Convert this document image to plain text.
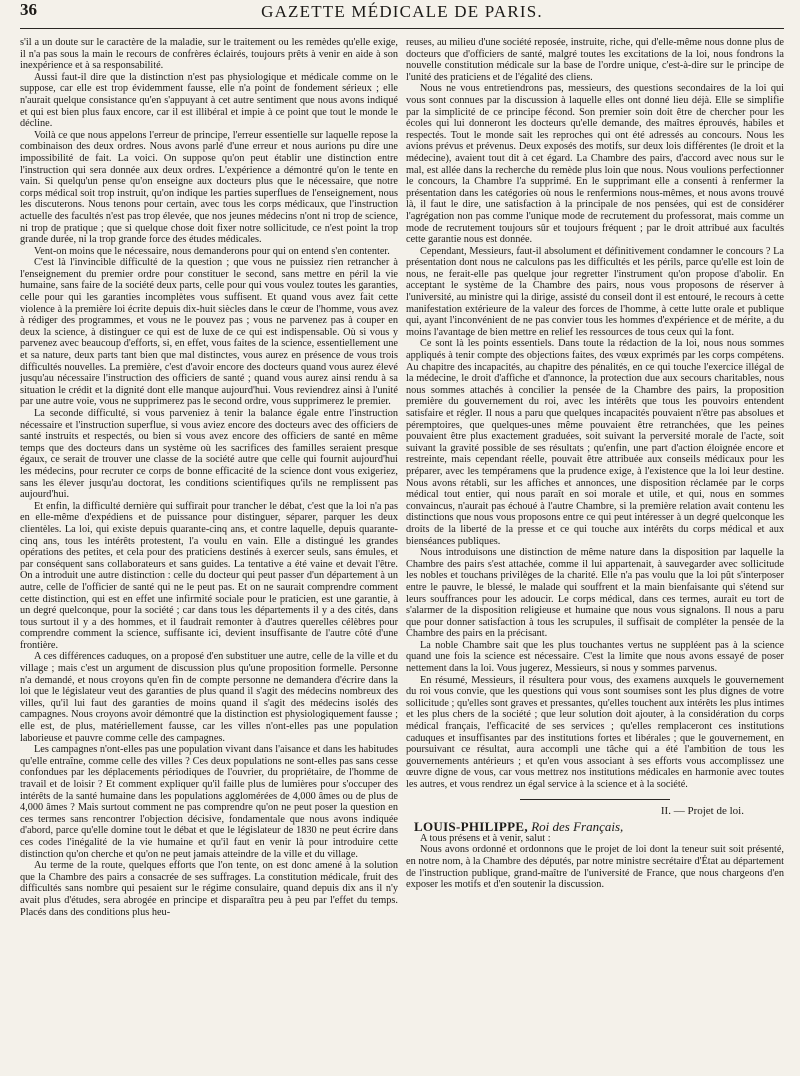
36	GAZETTE MÉDICALE DE PARIS.

s'il a un doute sur le caractère de la maladie, sur le traitement ou les remèdes qu'elle exige, il n'a pas sous la main le recours de confrères éclairés, toujours prêts à venir en aide à son inexpérience et à sa responsabilité.

Aussi faut-il dire que la distinction n'est pas physiologique et médicale comme on le suppose, car elle est trop évidemment fausse, elle n'a point de fondement sérieux ; elle n'aurait quelque consistance qu'en s'appuyant à cet autre sentiment que nous avons indiqué et qui est bien plus faux encore, car il est illibéral et impie à ce point que tout le monde le décline.

Voilà ce que nous appelons l'erreur de principe, l'erreur essentielle sur laquelle repose la combinaison des deux ordres. Nous avons parlé d'une erreur et nous aurions pu dire une impossibilité de fait. La voici. On suppose qu'on peut établir une distinction entre l'instruction qui sera donnée aux deux ordres. L'expérience a démontré qu'on le tente en vain. Si quelqu'un pense qu'on enseigne aux docteurs plus que le nécessaire, que notre corps médical soit trop instruit, qu'on indique les parties superflues de l'enseignement, nous les discuterons. Nous tenons pour certain, avec tous les corps médicaux, que l'instruction actuelle des facultés n'est pas trop élevée, que nos jeunes médecins n'ont ni trop de science, ni trop de pratique ; que si quelque chose doit fixer notre sollicitude, ce n'est point la trop grande durée, ni la trop grande force des études médicales.

Vent-on moins que le nécessaire, nous demanderons pour qui on entend s'en contenter.

C'est là l'invincible difficulté de la question ; que vous ne puissiez rien retrancher à l'enseignement du premier ordre pour constituer le second, sans mettre en péril la vie humaine, sans faire de la société deux parts, celle pour qui vous voulez toutes les garanties, celle pour qui les garanties incomplètes vous suffisent. Et quand vous avez fait cette violence à la première loi écrite depuis dix-huit siècles dans le cœur de l'homme, vous avez à rédiger des programmes, et vous ne le pouvez pas ; vous ne parvenez pas à couper en deux la science, à distinguer ce qui est de luxe de ce qui est indispensable. Où si vous y parvenez avec beaucoup d'efforts, si, en effet, vous faites de la science, essentiellement une et sa nature, deux parts tant bien que mal distinctes, vous aurez en présence de vous trois difficultés nouvelles. La première, c'est d'avoir encore des docteurs quand vous aurez élevé jusqu'au nécessaire l'instruction des officiers de santé ; quand vous aurez ainsi rendu à sa situation le crédit et la dignité dont elle manque aujourd'hui. Vous reviendrez ainsi à l'unité par une autre voie, vous ne supprimerez pas le second ordre, vous supprimerez le premier.

La seconde difficulté, si vous parveniez à tenir la balance égale entre l'instruction nécessaire et l'instruction superflue, si vous aviez encore des docteurs avec des officiers de santé instruits et respectés, ou bien si vous avez encore des officiers de santé en même temps que des docteurs dans un système où les sacrifices des familles seraient presque égaux, ce serait de trouver une classe de la société autre que celle qui fournit aujourd'hui les médecins, pour recruter ce corps de bonne efficacité de la science dont vous exigeriez, sans les élever jusqu'au doctorat, les conditions scientifiques qu'ils ne remplissent pas aujourd'hui.

Et enfin, la difficulté dernière qui suffirait pour trancher le débat, c'est que la loi n'a pas en elle-même d'expédiens et de puissance pour distinguer, séparer, parquer les deux clientèles. La loi, qui existe depuis quarante-cinq ans, et contre laquelle, depuis quarante-cinq ans, tous les intérêts protestent, l'a voulu en vain. Elle a distingué les grandes opérations des petites, et cela pour des praticiens destinés à exercer seuls, sans émules, et par conséquent sans collaborateurs et sans guides. La tentative a été vaine et devait l'être. On a introduit une autre distinction : celle du docteur qui peut passer d'un département à un autre, celle de l'officier de santé qui ne le peut pas. Et on ne saurait comprendre comment cette distinction, qui est en effet une infirmité sociale pour le praticien, est une garantie, à un degré quelconque, pour la société ; car dans tous les départements il y a des cités, dans tous surtout il y a des hommes, et il faudrait remonter à d'autres querelles célèbres pour comprendre comment la science, suffisante ici, devient insuffisante de l'autre côté d'une frontière.

A ces différences caduques, on a proposé d'en substituer une autre, celle de la ville et du village ; mais c'est un argument de discussion plus qu'une proposition formelle. Personne n'a demandé, et nous croyons qu'en fin de compte personne ne demandera d'écrire dans la loi que le législateur veut des garanties de plus quand il s'agit des médecins nombreux des villes, qu'il lui faut des garanties de moins quand il s'agit des médecins isolés des campagnes. Nous croyons avoir démontré que la distinction est physiologiquement fausse ; elle est, de plus, matériellement fausse, car les villes n'ont-elles pas une population laborieuse et pauvre comme celle des campagnes.

Les campagnes n'ont-elles pas une population vivant dans l'aisance et dans les habitudes qu'elle entraîne, comme celle des villes ? Ces deux populations ne sont-elles pas sans cesse confondues par les déplacements périodiques de l'ouvrier, du propriétaire, de l'homme de travail et de loisir ? Et comment expliquer qu'il faille plus de lumières pour s'occuper des intérêts de la santé humaine dans les populations agglomérées de 4,000 âmes ou de plus de 4,000 âmes ? Mais surtout comment ne pas comprendre qu'on ne peut poser la question en ces termes sans rencontrer l'objection décisive, fondamentale que nous avons indiquée d'abord, parce qu'elle domine tout le débat et que le législateur de 1830 ne peut écrire dans ces codes l'inégalité de la vie humaine et qu'il faut en venir là pour introduire cette distinction qu'on cherche et qu'on ne peut jamais atteindre de la ville et du village.

Au terme de la route, quelques efforts que l'on tente, on est donc amené à la solution que la Chambre des pairs a consacrée de ses suffrages. La constitution médicale, fruit des difficultés sans nombre qui pesaient sur le régime consulaire, quand depuis dix ans il n'y avait plus d'études, sera abrogée en principe et disparaîtra peu à peu par l'effet du temps. Placés dans des conditions plus heu-

reuses, au milieu d'une société reposée, instruite, riche, qui d'elle-même nous donne plus de docteurs que d'officiers de santé, malgré toutes les excitations de la loi, nous fondrons la nouvelle constitution médicale sur la base de l'ordre unique, c'est-à-dire sur le principe de l'unité des praticiens et de l'égalité des cliens.

Nous ne vous entretiendrons pas, messieurs, des questions secondaires de la loi qui vous sont connues par la discussion à laquelle elles ont donné lieu déjà. Elle se simplifie par la simplicité de ce principe fécond. Son premier soin doit être de chercher pour les écoles qui lui donneront les docteurs qu'elle demande, des maîtres éprouvés, habiles et respectés. Tout le monde sait les reproches qui ont été adressés au concours. Nous les avions prévus et prévenus. Deux exposés des motifs, sur deux lois différentes (le droit et la médecine), avaient tout dit à cet égard. La Chambre des pairs, d'accord avec nous sur le mal, est allée dans la recherche du remède plus loin que nous. Nous voulions perfectionner le concours, la Chambre l'a supprimé. En le supprimant elle a consenti à renfermer la présentation dans les catégories où nous le renfermions nous-mêmes, et nous avons trouvé là, il faut le dire, une satisfaction à la principale de nos pensées, qui est de considérer l'agrégation non pas comme l'unique mode de recrutement du professorat, mais comme un mode de recrutement toujours sûr et toujours fréquent ; par le droit attribué aux facultés cette garantie nous est donnée.

Cependant, Messieurs, faut-il absolument et définitivement condamner le concours ? La présentation dont nous ne calculons pas les difficultés et les périls, parce qu'elle est loin de nous, ne ferait-elle pas quelque jour regretter l'instrument qu'on propose d'abolir. En acceptant le système de la Chambre des pairs, nous vous proposons de réserver à l'université, au ministre qui la dirige, assisté du conseil dont il est entouré, le recours à cette manifestation extérieure de la valeur des forces de l'homme, à cette lutte orale et publique qui, ayant l'inconvénient de ne pas convier tous les hommes d'expérience et de mérite, a du moins l'avantage de bien mettre en relief les ressources de tous ceux qui la font.

Ce sont là les points essentiels. Dans toute la rédaction de la loi, nous nous sommes appliqués à tenir compte des objections faites, des vœux exprimés par les corps compétens. Au chapitre des incapacités, au chapitre des pénalités, en ce qui touche l'exercice illégal de la médecine, le droit d'affiche et d'annonce, la protection due aux secours charitables, nous nous sommes attachés à concilier la pensée de la Chambre des pairs, la proposition première du gouvernement du roi, avec les intérêts que tous les pouvoirs entendent satisfaire et régler. Il nous a paru que quelques incapacités pouvaient n'être pas absolues et péremptoires, que quelques-unes même pouvaient être retranchées, que les peines pouvaient être plus exactement graduées, soit suivant la perversité morale de l'acte, soit suivant la gravité possible de ses résultats ; qu'enfin, une part d'action éloignée encore et restreinte, mais cependant réelle, pouvait être attribuée aux conseils médicaux pour les préparer, avec les tempéramens que la prudence exige, à l'existence que la loi leur destine. Nous avons rétabli, sur les affiches et annonces, une disposition réclamée par le corps médical tout entier, qui nous paraît en soi morale et utile, et qui, nous en sommes convaincus, n'aurait pas échoué à l'autre Chambre, si la première relation avait contenu les distinctions que nous vous proposons entre ce qui peut intéresser à un degré quelconque les droits de la liberté de la presse et ce qui touche aux intérêts du corps médical et aux bienséances publiques.

Nous introduisons une distinction de même nature dans la disposition par laquelle la Chambre des pairs s'est attachée, comme il lui appartenait, à sauvegarder avec sollicitude les nobles et touchans privilèges de la charité. Elle n'a pas voulu que la loi pût s'interposer entre le pauvre, le blessé, le malade qui souffrent et la main bienfaisante qui s'étend sur leurs souffrances pour les adoucir. Le corps médical, dans ces termes, aurait eu tort de s'alarmer de la disposition religieuse et humaine que nous vous signalons. Il nous a paru que pour donner satisfaction à tous les scrupules, il suffisait de compléter la pensée de la Chambre des pairs en la précisant.

La noble Chambre sait que les plus touchantes vertus ne suppléent pas à la science quand une fois la science est nécessaire. C'est la limite que nous avons essayé de poser nettement dans la loi. Vous jugerez, Messieurs, si nous y sommes parvenus.

En résumé, Messieurs, il résultera pour vous, des examens auxquels le gouvernement du roi vous convie, que les questions qui vous sont soumises sont les plus dignes de votre sollicitude ; qu'elles sont graves et pressantes, qu'elles touchent aux intérêts les plus intimes et les plus chers de la société ; que leur solution doit ajouter, à la considération du corps médical français, l'efficacité de ses services ; qu'elles remplaceront ces institutions caduques et insuffisantes par des institutions fortes et libérales ; que le gouvernement, en poursuivant ce résultat, aura accompli une tâche qui a été l'ambition de tous les gouvernements antérieurs ; et qu'en vous associant à ses efforts vous accomplissez une œuvre digne de vous, car vous mettrez nos institutions médicales en harmonie avec toutes les autres, et vous rendrez un égal service à la science et à la société.

II. — Projet de loi.

LOUIS-PHILIPPE, Roi des Français,

A tous présens et à venir, salut :

Nous avons ordonné et ordonnons que le projet de loi dont la teneur suit soit présenté, en notre nom, à la Chambre des députés, par notre ministre secrétaire d'État au département de l'instruction publique, grand-maître de l'université de France, que nous chargeons d'en exposer les motifs et d'en soutenir la discussion.
